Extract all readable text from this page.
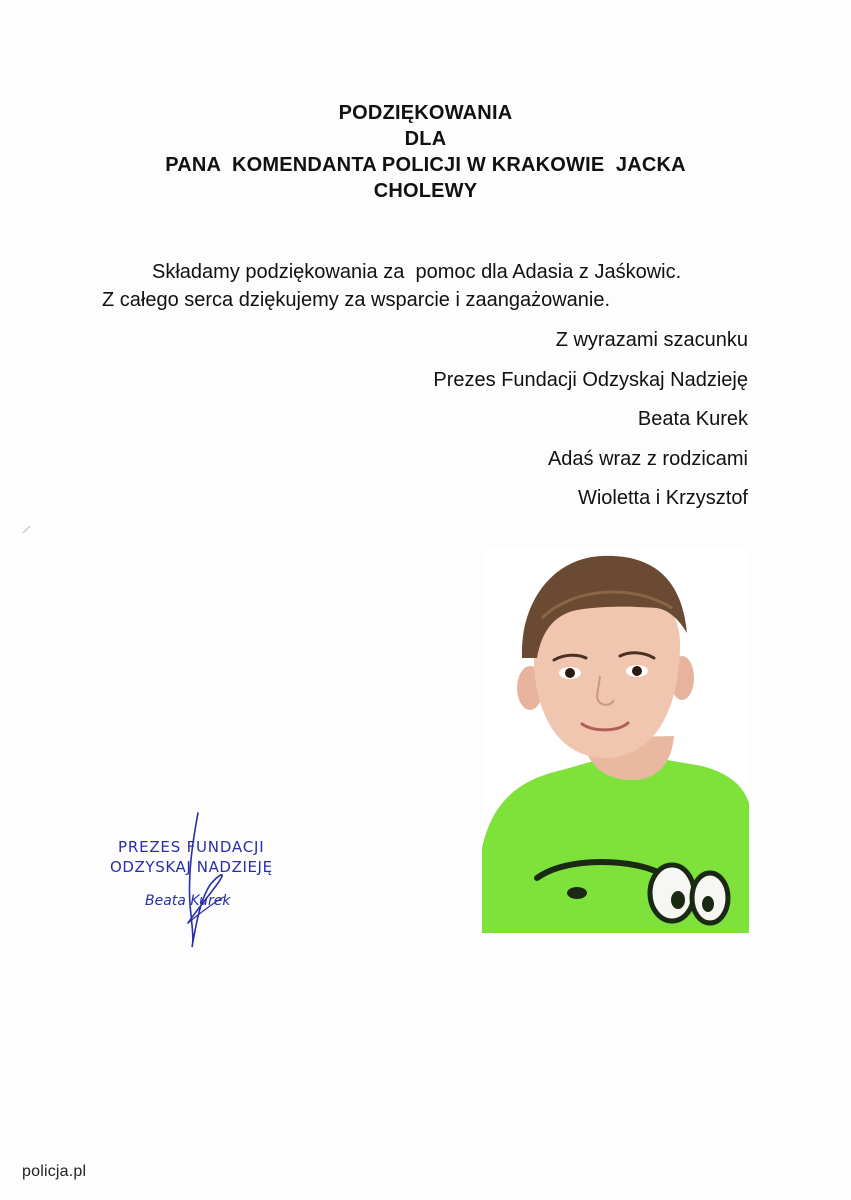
PODZIĘKOWANIA

DLA

PANA  KOMENDANTA POLICJI W KRAKOWIE  JACKA

CHOLEWY

Składamy podziękowania za  pomoc dla Adasia z Jaśkowic.
Z całego serca dziękujemy za wsparcie i zaangażowanie.
Z wyrazami szacunku
Prezes Fundacji Odzyskaj Nadzieję
Beata Kurek
Adaś wraz z rodzicami
Wioletta i Krzysztof
PREZES FUNDACJI
ODZYSKAJ NADZIEJĘ
Beata Kurek
policja.pl
